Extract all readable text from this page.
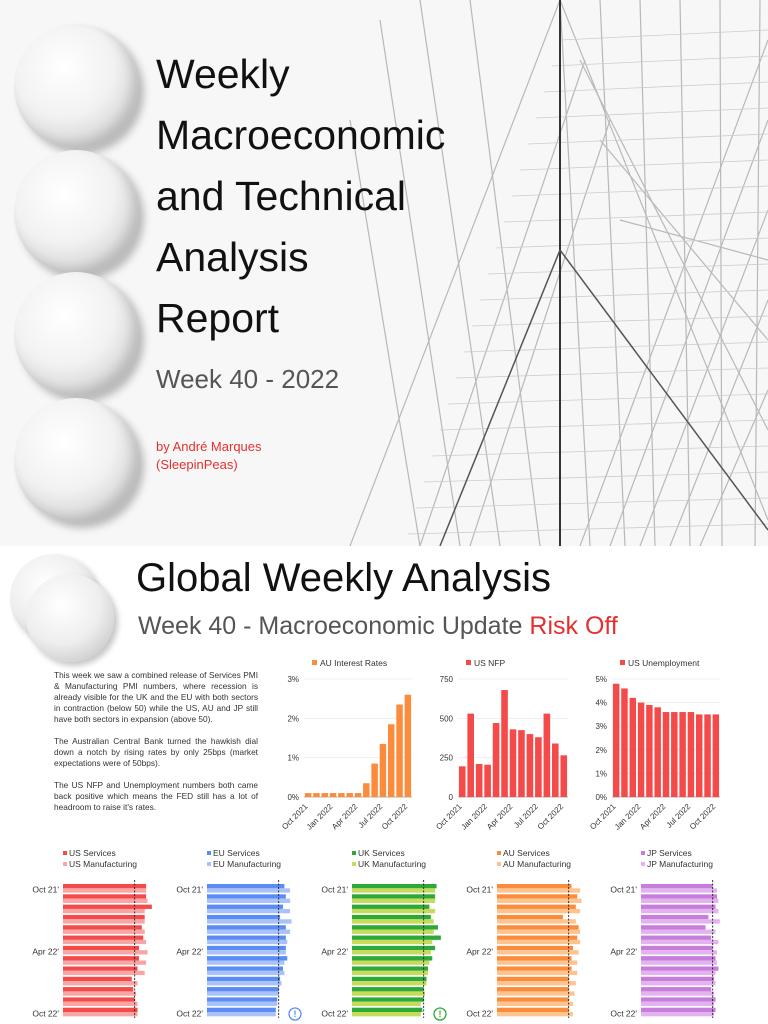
Weekly
Macroeconomic
and Technical
Analysis
Report
Week 40 - 2022
by André Marques
(SleepinPeas)
Global Weekly Analysis
Week 40 - Macroeconomic Update Risk Off

This week we saw a combined release of Services PMI & Manufacturing PMI numbers, where recession is already visible for the UK and the EU with both sectors in contraction (below 50) while the US, AU and JP still have both sectors in expansion (above 50).

The Australian Central Bank turned the hawkish dial down a notch by rising rates by only 25bps (market expectations were of 50bps).

The US NFP and Unemployment numbers both came back positive which means the FED still has a lot of headroom to raise it's rates.

AU Interest Rates
0%
1%
2%
3%
Oct 2021
Jan 2022
Apr 2022
Jul 2022
Oct 2022
US NFP
0
250
500
750
Oct 2021
Jan 2022
Apr 2022
Jul 2022
Oct 2022
US Unemployment
0%
1%
2%
3%
4%
5%
Oct 2021
Jan 2022
Apr 2022
Jul 2022
Oct 2022
US Services
US Manufacturing
Oct 21'
Apr 22'
Oct 22'
EU Services
EU Manufacturing
Oct 21'
Apr 22'
Oct 22'	!
UK Services
UK Manufacturing
Oct 21'
Apr 22'
Oct 22'	!
AU Services
AU Manufacturing
Oct 21'
Apr 22'
Oct 22'
JP Services
JP Manufacturing
Oct 21'
Apr 22'
Oct 22'
